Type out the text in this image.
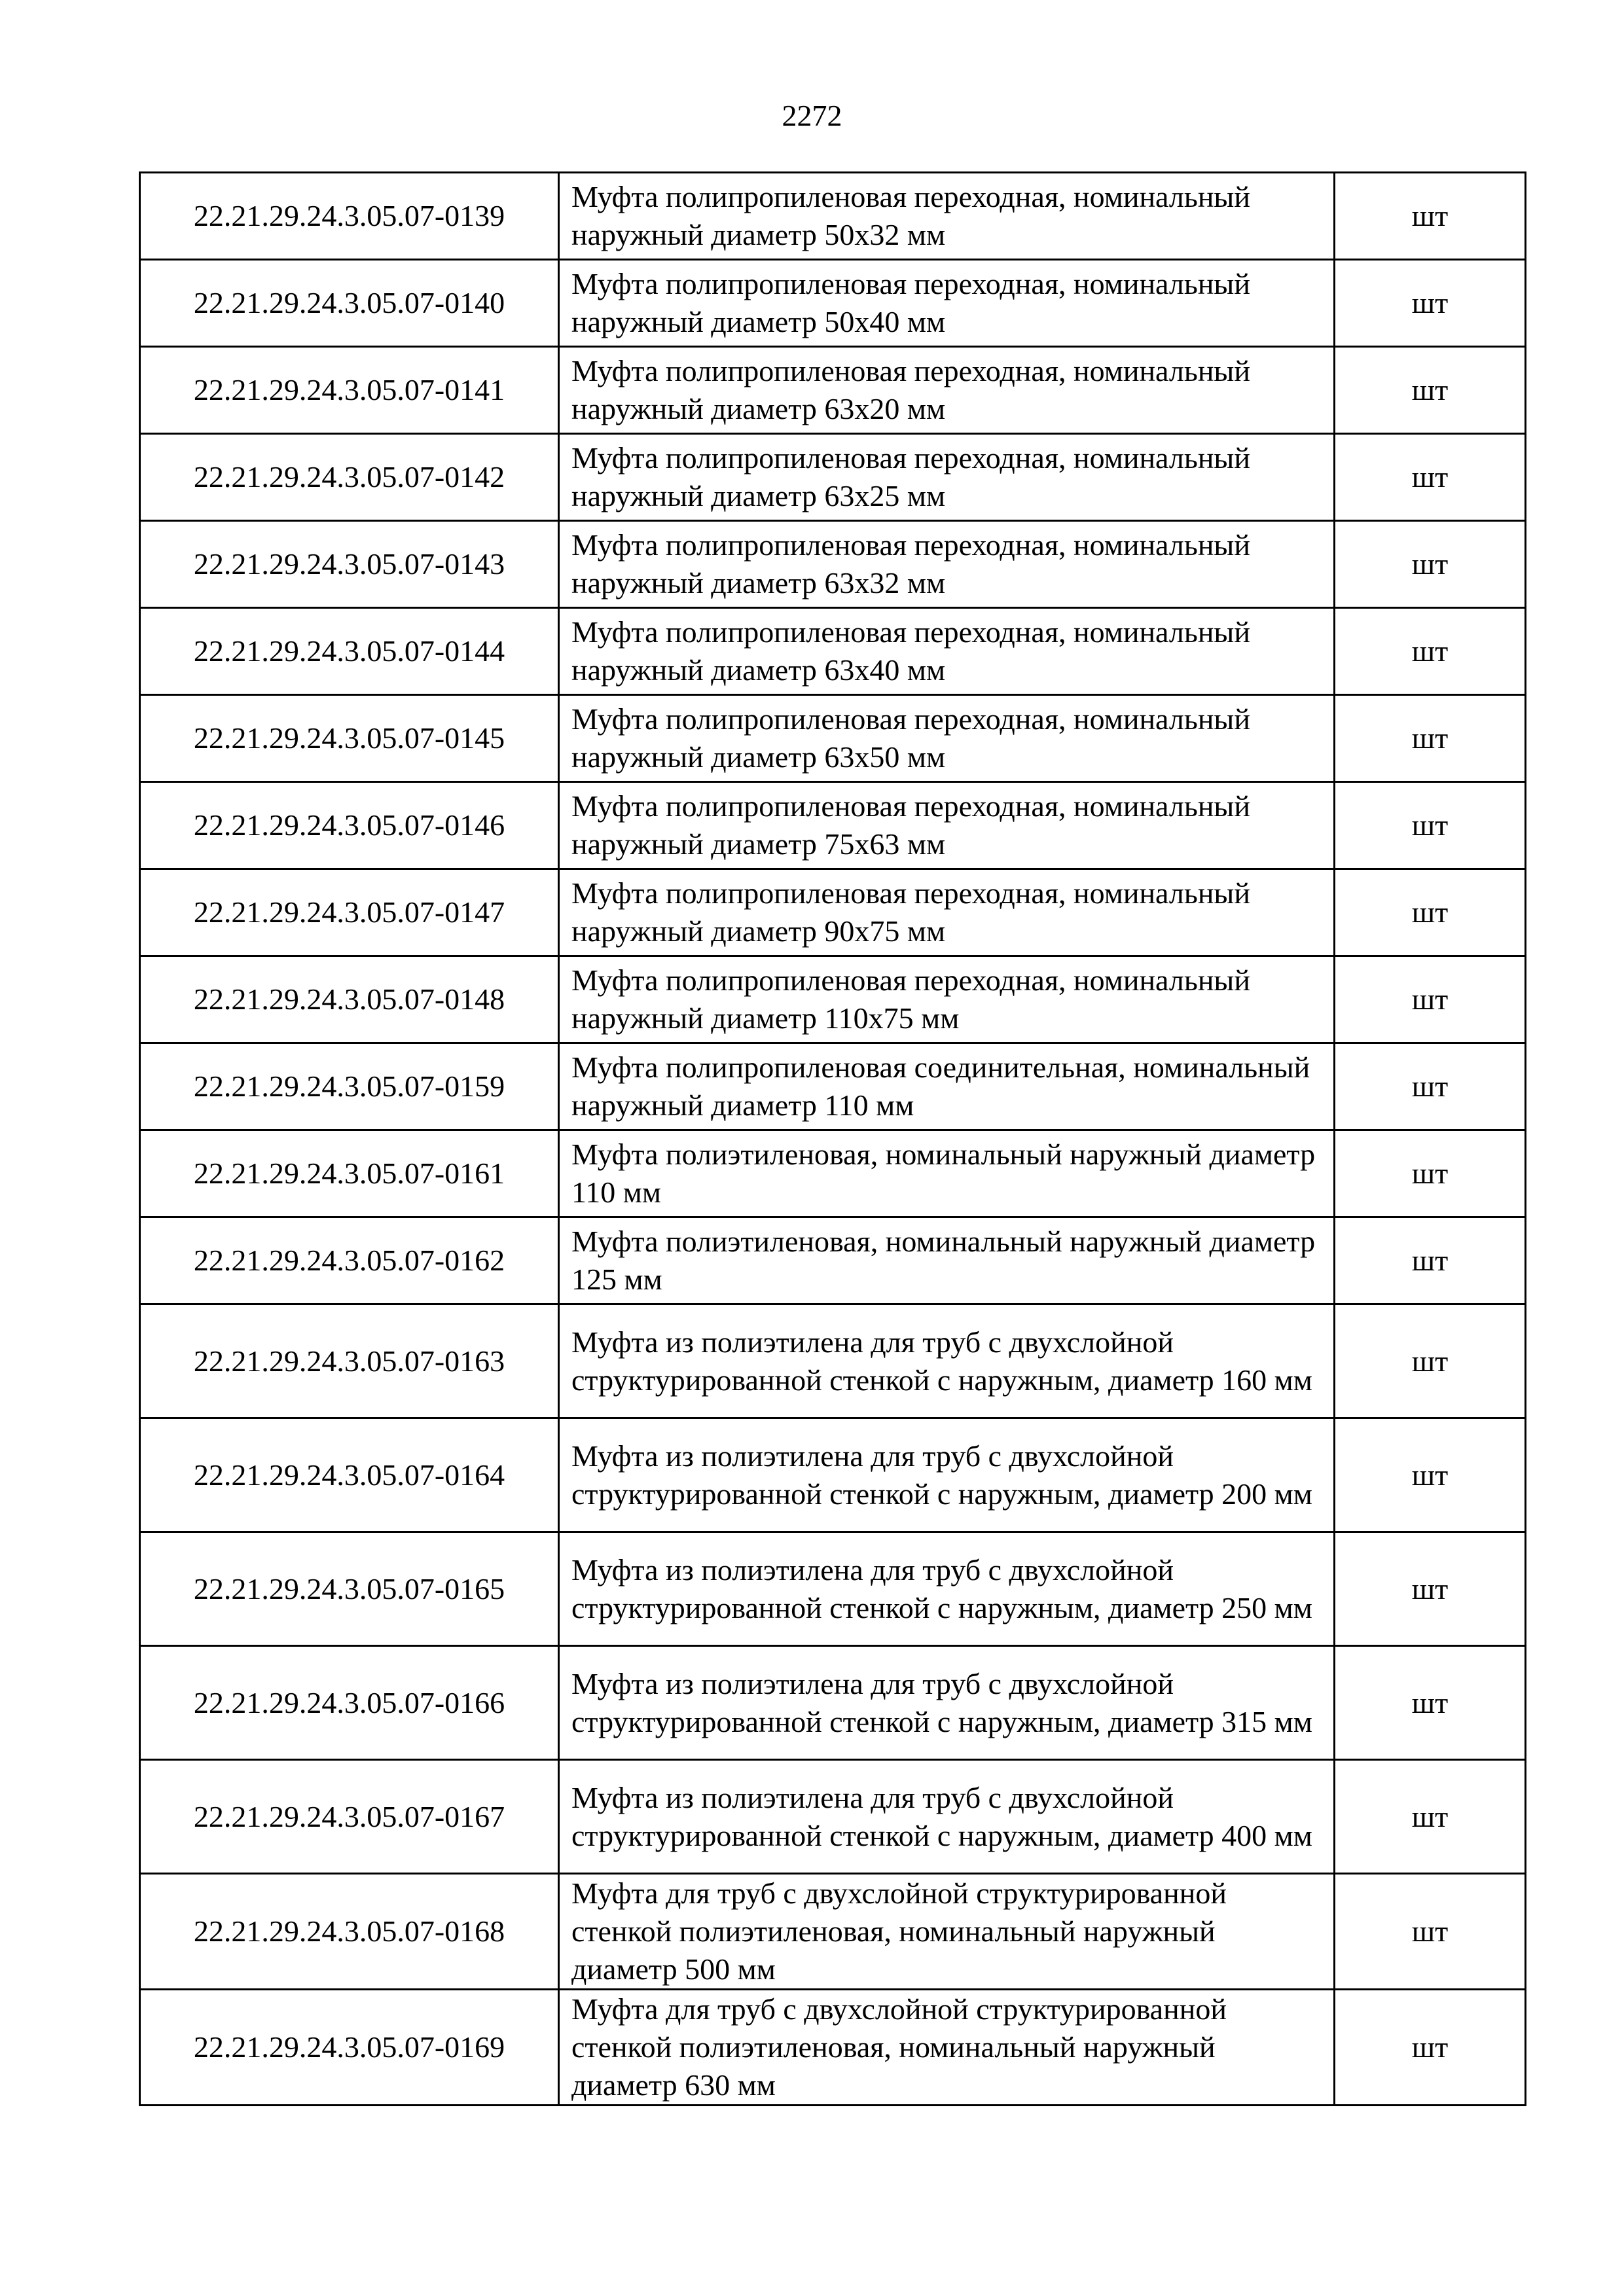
2272
22.21.29.24.3.05.07-0139	Муфта полипропиленовая переходная, номинальный наружный диаметр 50х32 мм	шт
22.21.29.24.3.05.07-0140	Муфта полипропиленовая переходная, номинальный наружный диаметр 50х40 мм	шт
22.21.29.24.3.05.07-0141	Муфта полипропиленовая переходная, номинальный наружный диаметр 63х20 мм	шт
22.21.29.24.3.05.07-0142	Муфта полипропиленовая переходная, номинальный наружный диаметр 63х25 мм	шт
22.21.29.24.3.05.07-0143	Муфта полипропиленовая переходная, номинальный наружный диаметр 63х32 мм	шт
22.21.29.24.3.05.07-0144	Муфта полипропиленовая переходная, номинальный наружный диаметр 63х40 мм	шт
22.21.29.24.3.05.07-0145	Муфта полипропиленовая переходная, номинальный наружный диаметр 63х50 мм	шт
22.21.29.24.3.05.07-0146	Муфта полипропиленовая переходная, номинальный наружный диаметр 75х63 мм	шт
22.21.29.24.3.05.07-0147	Муфта полипропиленовая переходная, номинальный наружный диаметр 90х75 мм	шт
22.21.29.24.3.05.07-0148	Муфта полипропиленовая переходная, номинальный наружный диаметр 110х75 мм	шт
22.21.29.24.3.05.07-0159	Муфта полипропиленовая соединительная, номинальный наружный диаметр 110 мм	шт
22.21.29.24.3.05.07-0161	Муфта полиэтиленовая, номинальный наружный диаметр 110 мм	шт
22.21.29.24.3.05.07-0162	Муфта полиэтиленовая, номинальный наружный диаметр 125 мм	шт
22.21.29.24.3.05.07-0163	Муфта из полиэтилена для труб с двухслойной структурированной стенкой с наружным, диаметр 160 мм	шт
22.21.29.24.3.05.07-0164	Муфта из полиэтилена для труб с двухслойной структурированной стенкой с наружным, диаметр 200 мм	шт
22.21.29.24.3.05.07-0165	Муфта из полиэтилена для труб с двухслойной структурированной стенкой с наружным, диаметр 250 мм	шт
22.21.29.24.3.05.07-0166	Муфта из полиэтилена для труб с двухслойной структурированной стенкой с наружным, диаметр 315 мм	шт
22.21.29.24.3.05.07-0167	Муфта из полиэтилена для труб с двухслойной структурированной стенкой с наружным, диаметр 400 мм	шт
22.21.29.24.3.05.07-0168	Муфта для труб с двухслойной структурированной стенкой полиэтиленовая, номинальный наружный диаметр 500 мм	шт
22.21.29.24.3.05.07-0169	Муфта для труб с двухслойной структурированной стенкой полиэтиленовая, номинальный наружный диаметр 630 мм	шт
